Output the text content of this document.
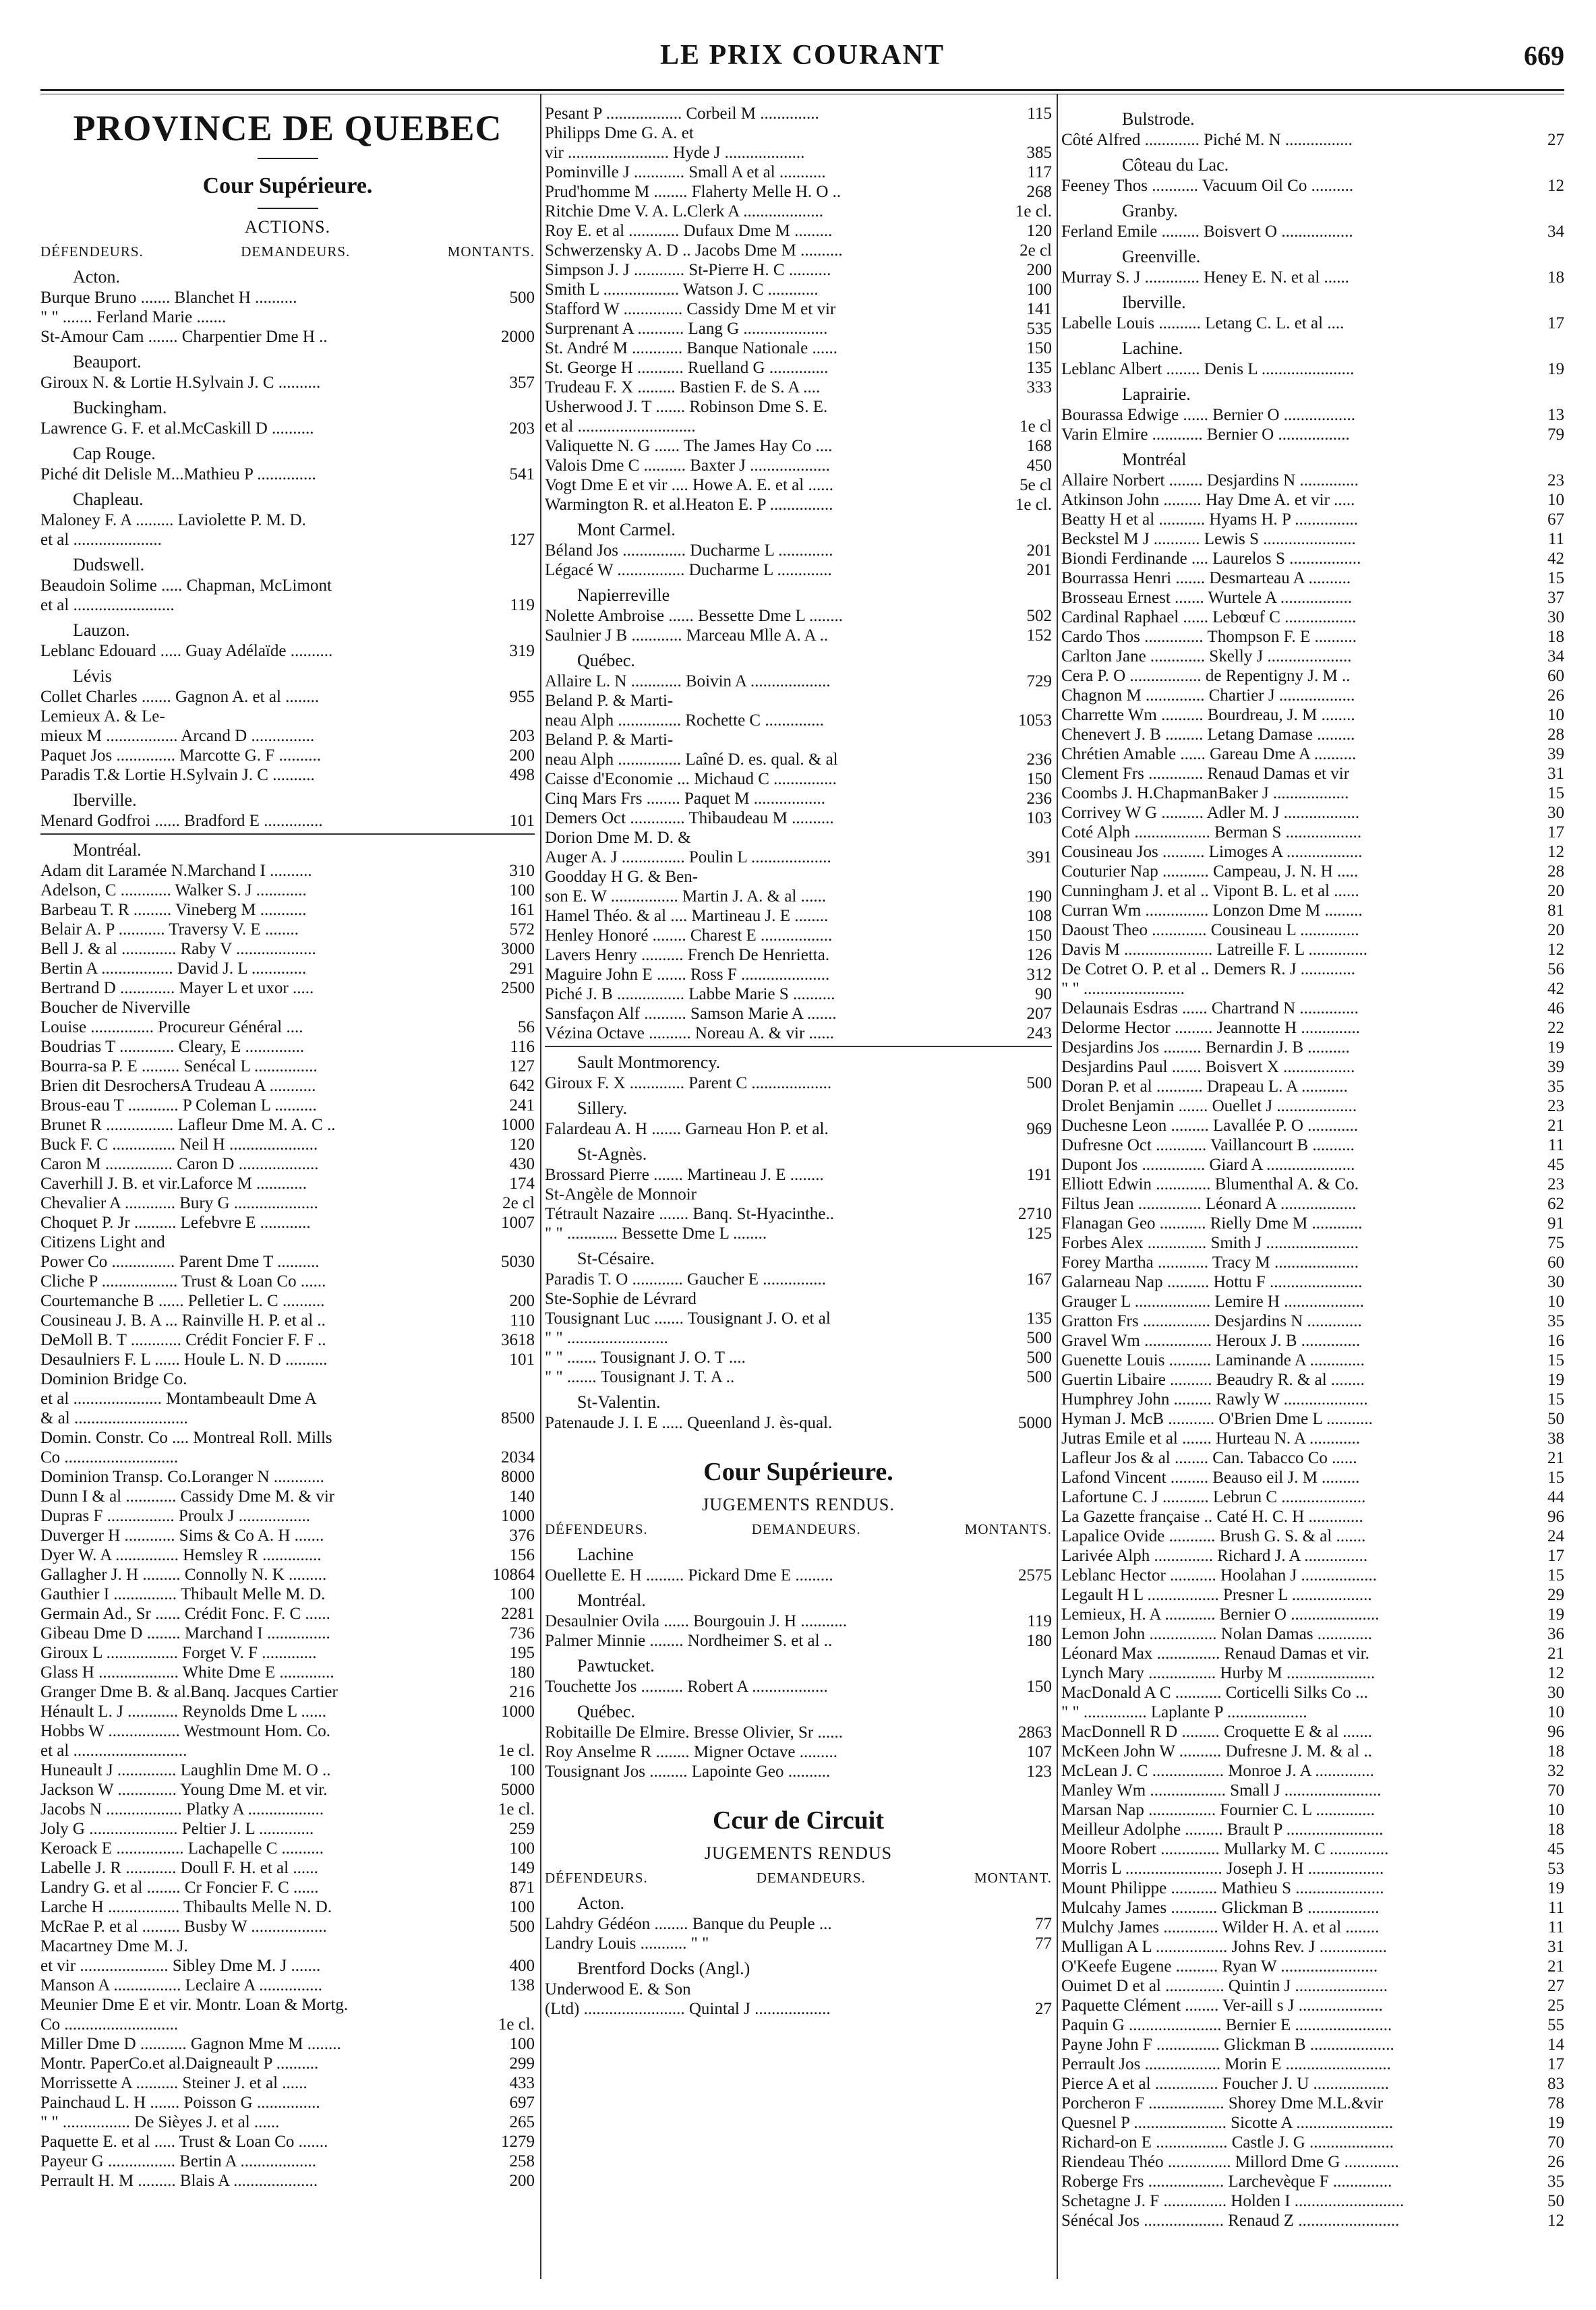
LE PRIX COURANT	669
PROVINCE DE QUEBEC
Cour Supérieure.
ACTIONS.
DÉFENDEURS.	DEMANDEURS.	MONTANTS.
Acton.
Burque Bruno ....... Blanchet H ..........	500
" " ....... Ferland Marie .......
St-Amour Cam ....... Charpentier Dme H ..	2000
Beauport.
Giroux N. & Lortie H.Sylvain J. C ..........	357
Buckingham.
Lawrence G. F. et al.McCaskill D ..........	203
Cap Rouge.
Piché dit Delisle M...Mathieu P ..............	541
Chapleau.
Maloney F. A ......... Laviolette P. M. D.
et al .....................	127
Dudswell.
Beaudoin Solime ..... Chapman, McLimont
et al ........................	119
Lauzon.
Leblanc Edouard ..... Guay Adélaïde ..........	319
Lévis
Collet Charles ....... Gagnon A. et al ........	955
Lemieux A. & Le-
mieux M ................. Arcand D ...............	203
Paquet Jos .............. Marcotte G. F ..........	200
Paradis T.& Lortie H.Sylvain J. C ..........	498
Iberville.
Menard Godfroi ...... Bradford E ..............	101
Montréal.
Adam dit Laramée N.Marchand I ..........	310
Adelson, C ............ Walker S. J ............	100
Barbeau T. R ......... Vineberg M ...........	161
Belair A. P ........... Traversy V. E ........	572
Bell J. & al ............. Raby V ...................	3000
Bertin A ................. David J. L .............	291
Bertrand D ............. Mayer L et uxor .....	2500
Boucher de Niverville
Louise ............... Procureur Général ....	56
Boudrias T ............. Cleary, E ..............	116
Bourra-sa P. E ......... Senécal L ...............	127
Brien dit DesrochersA Trudeau A ...........	642
Brous-eau T ............ P Coleman L ..........	241
Brunet R ................ Lafleur Dme M. A. C ..	1000
Buck F. C ............... Neil H .....................	120
Caron M ................ Caron D ...................	430
Caverhill J. B. et vir.Laforce M ............	174
Chevalier A ............ Bury G ....................	2e cl
Choquet P. Jr .......... Lefebvre E ............	1007
Citizens Light and
Power Co ............... Parent Dme T ..........	5030
Cliche P .................. Trust & Loan Co ......
Courtemanche B ...... Pelletier L. C ..........	200
Cousineau J. B. A ... Rainville H. P. et al ..	110
DeMoll B. T ............ Crédit Foncier F. F ..	3618
Desaulniers F. L ...... Houle L. N. D ..........	101
Dominion Bridge Co.
et al ..................... Montambeault Dme A
& al ...........................	8500
Domin. Constr. Co .... Montreal Roll. Mills
Co ...........................	2034
Dominion Transp. Co.Loranger N ............	8000
Dunn I & al ............ Cassidy Dme M. & vir	140
Dupras F ................ Proulx J .................	1000
Duverger H ............ Sims & Co A. H .......	376
Dyer W. A ............... Hemsley R ..............	156
Gallagher J. H ......... Connolly N. K .........	10864
Gauthier I ............... Thibault Melle M. D.	100
Germain Ad., Sr ...... Crédit Fonc. F. C ......	2281
Gibeau Dme D ........ Marchand I ...............	736
Giroux L ................. Forget V. F .............	195
Glass H ................... White Dme E .............	180
Granger Dme B. & al.Banq. Jacques Cartier	216
Hénault L. J ............ Reynolds Dme L ......	1000
Hobbs W ................. Westmount Hom. Co.
et al ...........................	1e cl.
Huneault J .............. Laughlin Dme M. O ..	100
Jackson W .............. Young Dme M. et vir.	5000
Jacobs N .................. Platky A ..................	1e cl.
Joly G ..................... Peltier J. L .............	259
Keroack E ................ Lachapelle C ..........	100
Labelle J. R ............ Doull F. H. et al ......	149
Landry G. et al ........ Cr Foncier F. C ......	871
Larche H ................. Thibaults Melle N. D.	100
McRae P. et al ......... Busby W ..................	500
Macartney Dme M. J.
et vir ..................... Sibley Dme M. J .......	400
Manson A ................ Leclaire A ...............	138
Meunier Dme E et vir. Montr. Loan & Mortg.
Co ...........................	1e cl.
Miller Dme D ........... Gagnon Mme M ........	100
Montr. PaperCo.et al.Daigneault P ..........	299
Morrissette A .......... Steiner J. et al ......	433
Painchaud L. H ....... Poisson G ...............	697
" " ................ De Sièyes J. et al ......	265
Paquette E. et al ..... Trust & Loan Co .......	1279
Payeur G ................ Bertin A ..................	258
Perrault H. M ......... Blais A ....................	200
Pesant P .................. Corbeil M ..............	115
Philipps Dme G. A. et
vir ........................ Hyde J ...................	385
Pominville J ............ Small A et al ...........	117
Prud'homme M ........ Flaherty Melle H. O ..	268
Ritchie Dme V. A. L.Clerk A ...................	1e cl.
Roy E. et al ............ Dufaux Dme M .........	120
Schwerzensky A. D .. Jacobs Dme M ..........	2e cl
Simpson J. J ............ St-Pierre H. C ..........	200
Smith L .................. Watson J. C ............	100
Stafford W .............. Cassidy Dme M et vir	141
Surprenant A ........... Lang G ....................	535
St. André M ............ Banque Nationale ......	150
St. George H ........... Ruelland G ..............	135
Trudeau F. X ......... Bastien F. de S. A ....	333
Usherwood J. T ....... Robinson Dme S. E.
et al ............................	1e cl
Valiquette N. G ...... The James Hay Co ....	168
Valois Dme C .......... Baxter J ...................	450
Vogt Dme E et vir .... Howe A. E. et al ......	5e cl
Warmington R. et al.Heaton E. P ...............	1e cl.
Mont Carmel.
Béland Jos ............... Ducharme L .............	201
Légacé W ................ Ducharme L .............	201
Napierreville
Nolette Ambroise ...... Bessette Dme L ........	502
Saulnier J B ............ Marceau Mlle A. A ..	152
Québec.
Allaire L. N ............ Boivin A ...................	729
Beland P. & Marti-
neau Alph ............... Rochette C ..............	1053
Beland P. & Marti-
neau Alph ............... Laîné D. es. qual. & al	236
Caisse d'Economie ... Michaud C ...............	150
Cinq Mars Frs ........ Paquet M .................	236
Demers Oct ............. Thibaudeau M ..........	103
Dorion Dme M. D. &
Auger A. J ............... Poulin L ...................	391
Goodday H G. & Ben-
son E. W ................ Martin J. A. & al ......	190
Hamel Théo. & al .... Martineau J. E ........	108
Henley Honoré ........ Charest E .................	150
Lavers Henry .......... French De Henrietta.	126
Maguire John E ....... Ross F .....................	312
Piché J. B ................ Labbe Marie S ..........	90
Sansfaçon Alf .......... Samson Marie A .......	207
Vézina Octave .......... Noreau A. & vir ......	243
Sault Montmorency.
Giroux F. X ............. Parent C ...................	500
Sillery.
Falardeau A. H ....... Garneau Hon P. et al.	969
St-Agnès.
Brossard Pierre ....... Martineau J. E ........	191
St-Angèle de Monnoir
Tétrault Nazaire ....... Banq. St-Hyacinthe..	2710
" " ............ Bessette Dme L ........	125
St-Césaire.
Paradis T. O ............ Gaucher E ...............	167
Ste-Sophie de Lévrard
Tousignant Luc ....... Tousignant J. O. et al	135
" " ........................	500
" " ....... Tousignant J. O. T ....	500
" " ....... Tousignant J. T. A ..	500
St-Valentin.
Patenaude J. I. E ..... Queenland J. ès-qual.	5000
Cour Supérieure.
JUGEMENTS RENDUS.
DÉFENDEURS.	DEMANDEURS.	MONTANTS.
Lachine
Ouellette E. H ......... Pickard Dme E .........	2575
Montréal.
Desaulnier Ovila ...... Bourgouin J. H ...........	119
Palmer Minnie ........ Nordheimer S. et al ..	180
Pawtucket.
Touchette Jos .......... Robert A ..................	150
Québec.
Robitaille De Elmire. Bresse Olivier, Sr ......	2863
Roy Anselme R ........ Migner Octave .........	107
Tousignant Jos ......... Lapointe Geo ..........	123
Ccur de Circuit
JUGEMENTS RENDUS
DÉFENDEURS.	DEMANDEURS.	MONTANT.
Acton.
Lahdry Gédéon ........ Banque du Peuple ...	77
Landry Louis ........... " "	77
Brentford Docks (Angl.)
Underwood E. & Son
(Ltd) ........................ Quintal J ..................	27
Bulstrode.
Côté Alfred ............. Piché M. N ................	27
Côteau du Lac.
Feeney Thos ........... Vacuum Oil Co ..........	12
Granby.
Ferland Emile ......... Boisvert O .................	34
Greenville.
Murray S. J ............. Heney E. N. et al ......	18
Iberville.
Labelle Louis .......... Letang C. L. et al ....	17
Lachine.
Leblanc Albert ........ Denis L ......................	19
Laprairie.
Bourassa Edwige ...... Bernier O .................	13
Varin Elmire ............ Bernier O .................	79
Montréal
Allaire Norbert ........ Desjardins N ..............	23
Atkinson John ......... Hay Dme A. et vir .....	10
Beatty H et al ........... Hyams H. P ...............	67
Beckstel M J ........... Lewis S ......................	11
Biondi Ferdinande .... Laurelos S .................	42
Bourrassa Henri ....... Desmarteau A ..........	15
Brosseau Ernest ....... Wurtele A .................	37
Cardinal Raphael ...... Lebœuf C .................	30
Cardo Thos .............. Thompson F. E ..........	18
Carlton Jane ............. Skelly J ....................	34
Cera P. O ................. de Repentigny J. M ..	60
Chagnon M .............. Chartier J ..................	26
Charrette Wm .......... Bourdreau, J. M ........	10
Chenevert J. B ......... Letang Damase .........	28
Chrétien Amable ...... Gareau Dme A ..........	39
Clement Frs ............. Renaud Damas et vir	31
Coombs J. H.ChapmanBaker J ..................	15
Corrivey W G .......... Adler M. J ..................	30
Coté Alph .................. Berman S ..................	17
Cousineau Jos .......... Limoges A ..................	12
Couturier Nap ........... Campeau, J. N. H .....	28
Cunningham J. et al .. Vipont B. L. et al ......	20
Curran Wm ............... Lonzon Dme M .........	81
Daoust Theo ............. Cousineau L ..............	20
Davis M ..................... Latreille F. L ..............	12
De Cotret O. P. et al .. Demers R. J .............	56
" " ........................	42
Delaunais Esdras ...... Chartrand N ..............	46
Delorme Hector ......... Jeannotte H ..............	22
Desjardins Jos ......... Bernardin J. B ..........	19
Desjardins Paul ....... Boisvert X .................	39
Doran P. et al ........... Drapeau L. A ...........	35
Drolet Benjamin ....... Ouellet J ...................	23
Duchesne Leon ......... Lavallée P. O ............	21
Dufresne Oct ............ Vaillancourt B ..........	11
Dupont Jos ............... Giard A .....................	45
Elliott Edwin ............. Blumenthal A. & Co.	23
Filtus Jean ............... Léonard A ..................	62
Flanagan Geo ........... Rielly Dme M ............	91
Forbes Alex .............. Smith J ......................	75
Forey Martha ............ Tracy M ....................	60
Galarneau Nap .......... Hottu F ......................	30
Grauger L .................. Lemire H ...................	10
Gratton Frs ................ Desjardins N .............	35
Gravel Wm ................ Heroux J. B ..............	16
Guenette Louis .......... Laminande A .............	15
Guertin Libaire .......... Beaudry R. & al ........	19
Humphrey John ......... Rawly W ....................	15
Hyman J. McB ........... O'Brien Dme L ...........	50
Jutras Emile et al ....... Hurteau N. A ............	38
Lafleur Jos & al ........ Can. Tabacco Co ......	21
Lafond Vincent ......... Beauso eil J. M .........	15
Lafortune C. J ........... Lebrun C ....................	44
La Gazette française .. Caté H. C. H .............	96
Lapalice Ovide ........... Brush G. S. & al .......	24
Larivée Alph .............. Richard J. A ...............	17
Leblanc Hector ........... Hoolahan J ..................	15
Legault H L ................. Presner L ...................	29
Lemieux, H. A ............ Bernier O .....................	19
Lemon John ................ Nolan Damas .............	36
Léonard Max ............... Renaud Damas et vir.	21
Lynch Mary ................ Hurby M .....................	12
MacDonald A C ........... Corticelli Silks Co ...	30
" " ............... Laplante P ...................	10
MacDonnell R D ......... Croquette E & al .......	96
McKeen John W .......... Dufresne J. M. & al ..	18
McLean J. C ................. Monroe J. A ..............	32
Manley Wm .................. Small J .......................	70
Marsan Nap ................ Fournier C. L ..............	10
Meilleur Adolphe ......... Brault P .......................	18
Moore Robert .............. Mullarky M. C ..............	45
Morris L ....................... Joseph J. H ..................	53
Mount Philippe ........... Mathieu S .....................	19
Mulcahy James ........... Glickman B .................	11
Mulchy James ............. Wilder H. A. et al ........	11
Mulligan A L ................. Johns Rev. J ................	31
O'Keefe Eugene .......... Ryan W .......................	21
Ouimet D et al .............. Quintin J ......................	27
Paquette Clément ........ Ver-aill s J ....................	25
Paquin G ...................... Bernier E .......................	55
Payne John F ............... Glickman B ....................	14
Perrault Jos .................. Morin E .........................	17
Pierce A et al ............... Foucher J. U ..................	83
Porcheron F .................. Shorey Dme M.L.&vir	78
Quesnel P ...................... Sicotte A .......................	19
Richard-on E ................. Castle J. G ....................	70
Riendeau Théo ............... Millord Dme G .............	26
Roberge Frs .................. Larchevèque F ..............	35
Schetagne J. F ............... Holden I ..........................	50
Sénécal Jos ................... Renaud Z ........................	12
